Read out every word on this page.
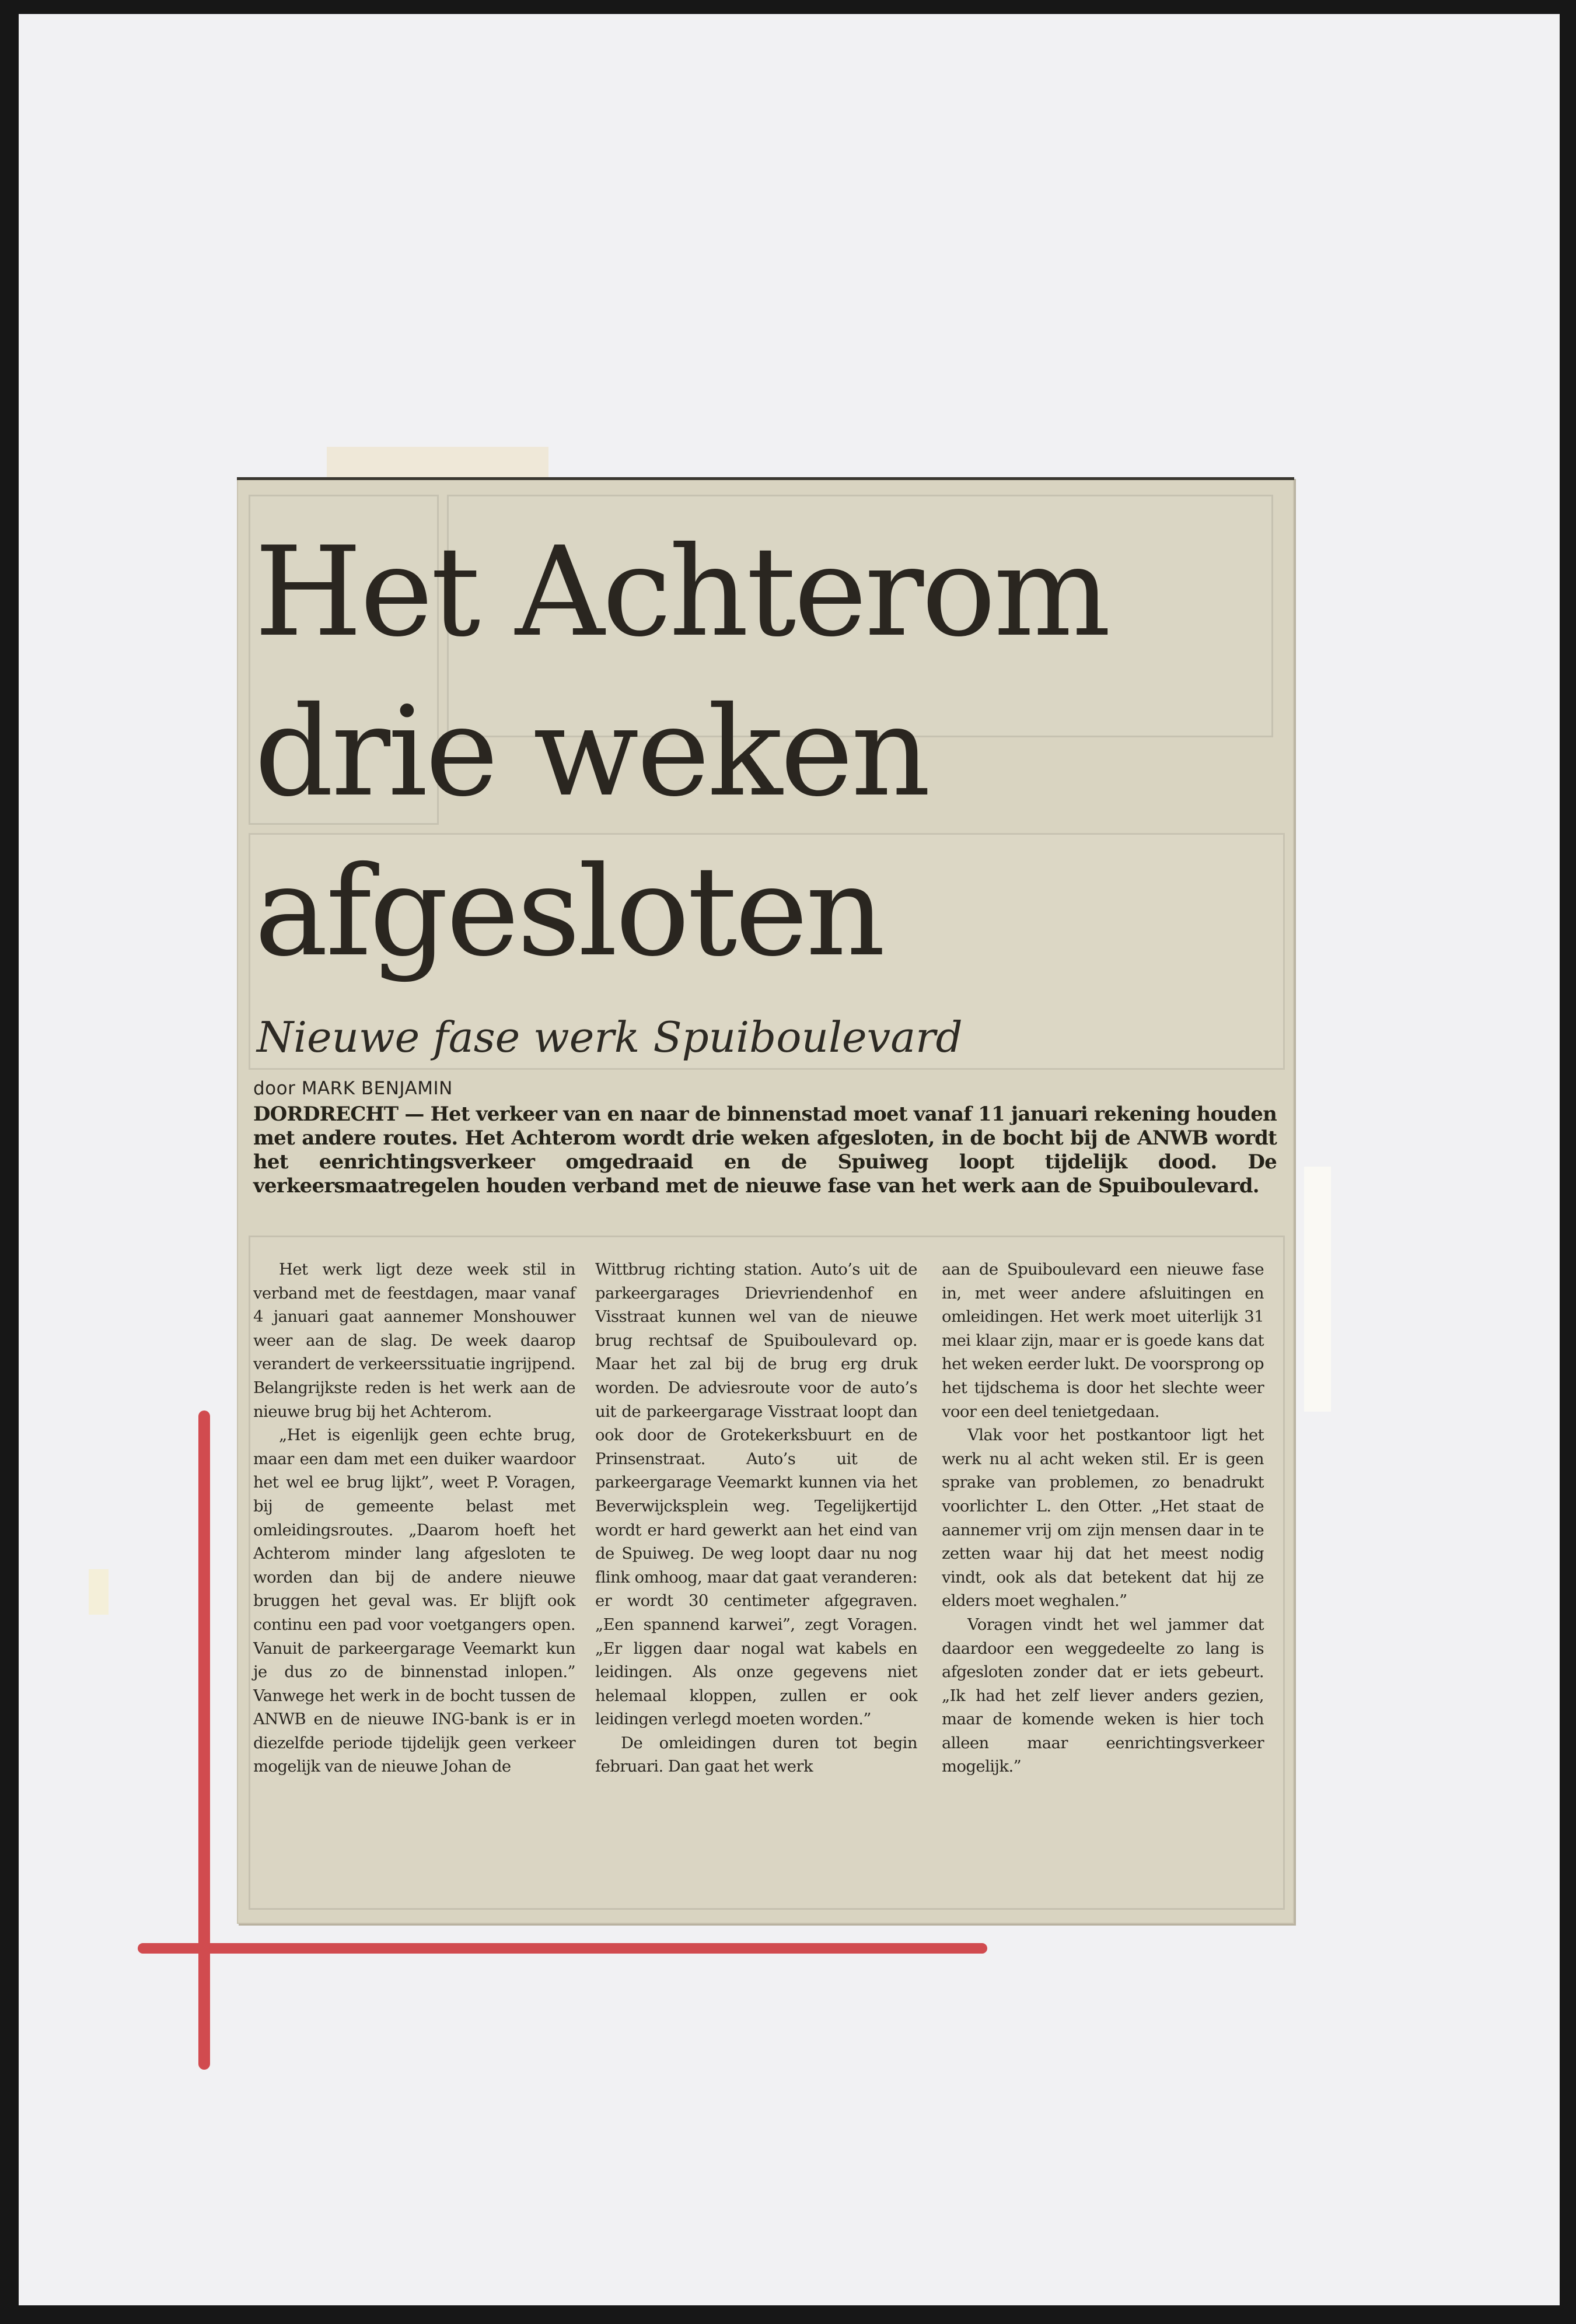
Het Achterom drie weken afgesloten
Nieuwe fase werk Spuiboulevard
door MARK BENJAMIN

DORDRECHT — Het verkeer van en naar de binnenstad moet vanaf 11 januari rekening houden met andere routes. Het Achterom wordt drie weken afgesloten, in de bocht bij de ANWB wordt het eenrichtingsverkeer omgedraaid en de Spuiweg loopt tijdelijk dood. De verkeersmaatregelen houden verband met de nieuwe fase van het werk aan de Spuiboulevard.

Het werk ligt deze week stil in verband met de feestdagen, maar vanaf 4 januari gaat aannemer Monshouwer weer aan de slag. De week daarop verandert de verkeerssituatie ingrijpend. Belangrijkste reden is het werk aan de nieuwe brug bij het Achterom.

„Het is eigenlijk geen echte brug, maar een dam met een duiker waardoor het wel ee brug lijkt”, weet P. Voragen, bij de gemeente belast met omleidingsroutes. „Daarom hoeft het Achterom minder lang afgesloten te worden dan bij de andere nieuwe bruggen het geval was. Er blijft ook continu een pad voor voetgangers open. Vanuit de parkeergarage Veemarkt kun je dus zo de binnenstad inlopen.” Vanwege het werk in de bocht tussen de ANWB en de nieuwe ING-bank is er in diezelfde periode tijdelijk geen verkeer mogelijk van de nieuwe Johan de

Wittbrug richting station. Auto’s uit de parkeergarages Drievriendenhof en Visstraat kunnen wel van de nieuwe brug rechtsaf de Spuiboulevard op. Maar het zal bij de brug erg druk worden. De adviesroute voor de auto’s uit de parkeergarage Visstraat loopt dan ook door de Grotekerksbuurt en de Prinsenstraat. Auto’s uit de parkeergarage Veemarkt kunnen via het Beverwijcksplein weg. Tegelijkertijd wordt er hard gewerkt aan het eind van de Spuiweg. De weg loopt daar nu nog flink omhoog, maar dat gaat veranderen: er wordt 30 centimeter afgegraven. „Een spannend karwei”, zegt Voragen. „Er liggen daar nogal wat kabels en leidingen. Als onze gegevens niet helemaal kloppen, zullen er ook leidingen verlegd moeten worden.”

De omleidingen duren tot begin februari. Dan gaat het werk

aan de Spuiboulevard een nieuwe fase in, met weer andere afsluitingen en omleidingen. Het werk moet uiterlijk 31 mei klaar zijn, maar er is goede kans dat het weken eerder lukt. De voorsprong op het tijdschema is door het slechte weer voor een deel tenietgedaan.

Vlak voor het postkantoor ligt het werk nu al acht weken stil. Er is geen sprake van problemen, zo benadrukt voorlichter L. den Otter. „Het staat de aannemer vrij om zijn mensen daar in te zetten waar hij dat het meest nodig vindt, ook als dat betekent dat hij ze elders moet weghalen.”

Voragen vindt het wel jammer dat daardoor een weggedeelte zo lang is afgesloten zonder dat er iets gebeurt. „Ik had het zelf liever anders gezien, maar de komende weken is hier toch alleen maar eenrichtingsverkeer mogelijk.”
